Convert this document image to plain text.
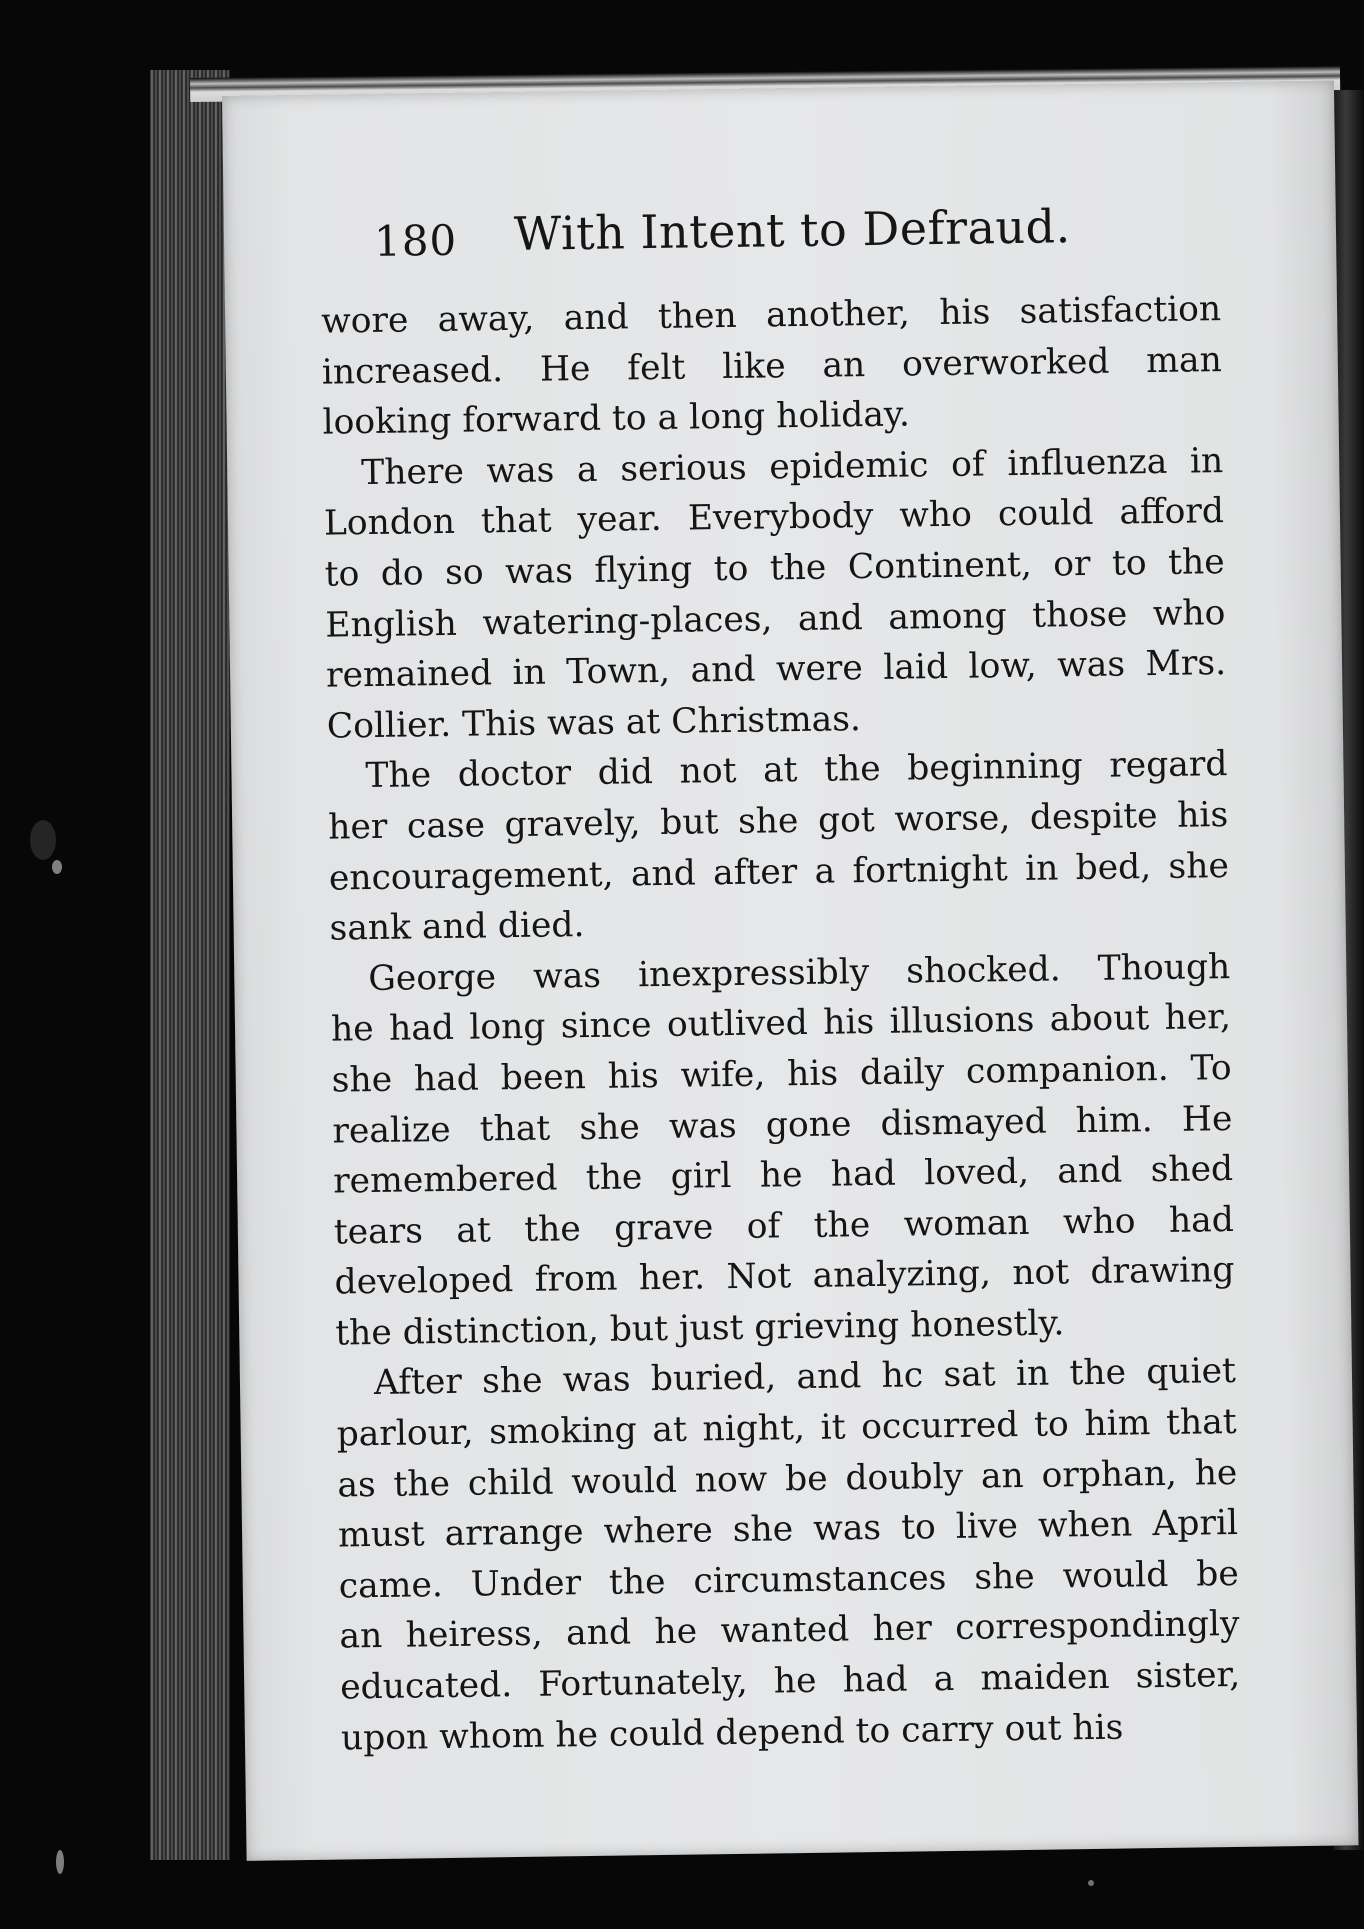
180 With Intent to Defraud.
wore away, and then another, his satisfaction
increased. He felt like an overworked man
looking forward to a long holiday.
There was a serious epidemic of influenza in
London that year. Everybody who could afford
to do so was flying to the Continent, or to the
English watering-places, and among those who
remained in Town, and were laid low, was Mrs.
Collier. This was at Christmas.
The doctor did not at the beginning regard
her case gravely, but she got worse, despite his
encouragement, and after a fortnight in bed, she
sank and died.
George was inexpressibly shocked. Though
he had long since outlived his illusions about her,
she had been his wife, his daily companion. To
realize that she was gone dismayed him. He
remembered the girl he had loved, and shed
tears at the grave of the woman who had
developed from her. Not analyzing, not drawing
the distinction, but just grieving honestly.
After she was buried, and hc sat in the quiet
parlour, smoking at night, it occurred to him that
as the child would now be doubly an orphan, he
must arrange where she was to live when April
came. Under the circumstances she would be
an heiress, and he wanted her correspondingly
educated. Fortunately, he had a maiden sister,
upon whom he could depend to carry out his
